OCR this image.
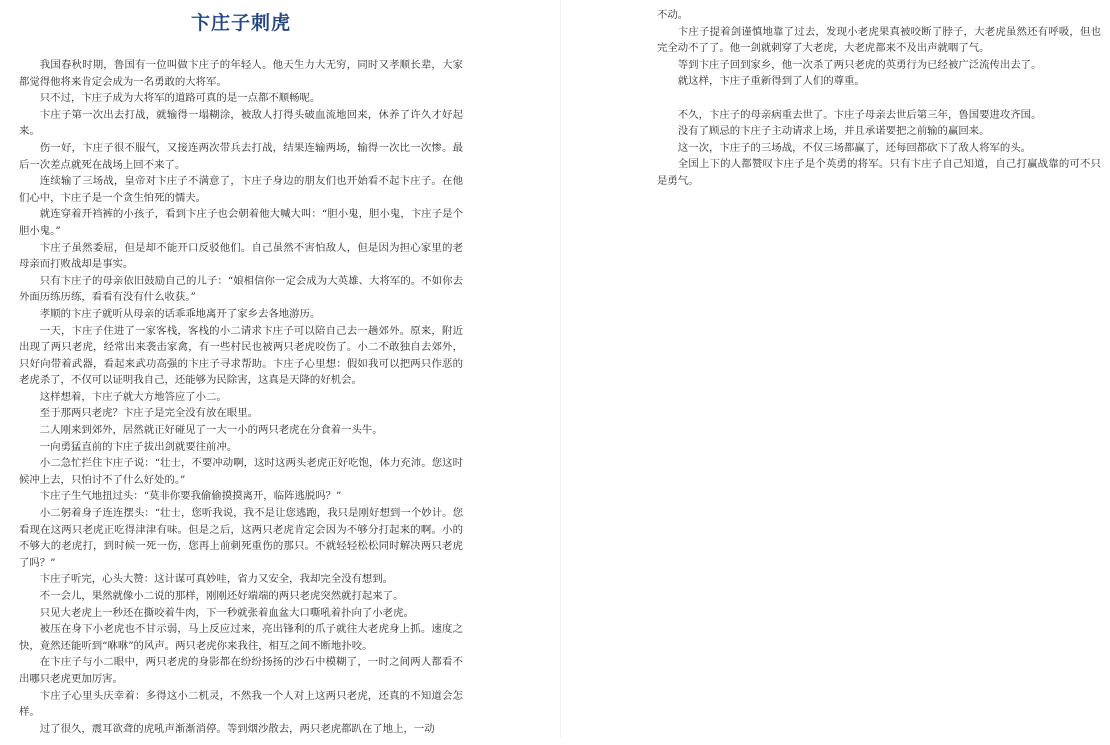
卞庄子刺虎

我国春秋时期，鲁国有一位叫做卞庄子的年轻人。他天生力大无穷，同时又孝顺长辈，大家都觉得他将来肯定会成为一名勇敢的大将军。

只不过，卞庄子成为大将军的道路可真的是一点都不顺畅呢。

卞庄子第一次出去打战，就输得一塌糊涂，被敌人打得头破血流地回来，休养了许久才好起来。

伤一好，卞庄子很不服气，又接连两次带兵去打战，结果连输两场，输得一次比一次惨。最后一次差点就死在战场上回不来了。

连续输了三场战，皇帝对卞庄子不满意了，卞庄子身边的朋友们也开始看不起卞庄子。在他们心中，卞庄子是一个贪生怕死的懦夫。

就连穿着开裆裤的小孩子，看到卞庄子也会朝着他大喊大叫：“胆小鬼，胆小鬼，卞庄子是个胆小鬼。”

卞庄子虽然委屈，但是却不能开口反驳他们。自己虽然不害怕敌人，但是因为担心家里的老母亲而打败战却是事实。

只有卞庄子的母亲依旧鼓励自己的儿子：“娘相信你一定会成为大英雄、大将军的。不如你去外面历练历练，看看有没有什么收获。”

孝顺的卞庄子就听从母亲的话乖乖地离开了家乡去各地游历。

一天，卞庄子住进了一家客栈，客栈的小二请求卞庄子可以陪自己去一趟郊外。原来，附近出现了两只老虎，经常出来袭击家禽，有一些村民也被两只老虎咬伤了。小二不敢独自去郊外，只好向带着武器，看起来武功高强的卞庄子寻求帮助。卞庄子心里想：假如我可以把两只作恶的老虎杀了，不仅可以证明我自己，还能够为民除害，这真是天降的好机会。

这样想着，卞庄子就大方地答应了小二。

至于那两只老虎？卞庄子是完全没有放在眼里。

二人刚来到郊外，居然就正好碰见了一大一小的两只老虎在分食着一头牛。

一向勇猛直前的卞庄子拔出剑就要往前冲。

小二急忙拦住卞庄子说：“壮士，不要冲动啊，这时这两头老虎正好吃饱，体力充沛。您这时候冲上去，只怕讨不了什么好处的。”

卞庄子生气地扭过头：“莫非你要我偷偷摸摸离开，临阵逃脱吗？”

小二躬着身子连连摆头：“壮士，您听我说，我不是让您逃跑，我只是刚好想到一个妙计。您看现在这两只老虎正吃得津津有味。但是之后，这两只老虎肯定会因为不够分打起来的啊。小的不够大的老虎打，到时候一死一伤，您再上前刺死重伤的那只。不就轻轻松松同时解决两只老虎了吗？”

卞庄子听完，心头大赞：这计谋可真妙哇，省力又安全，我却完全没有想到。

不一会儿，果然就像小二说的那样，刚刚还好端端的两只老虎突然就打起来了。

只见大老虎上一秒还在撕咬着牛肉，下一秒就张着血盆大口嘶吼着扑向了小老虎。

被压在身下小老虎也不甘示弱，马上反应过来，亮出锋利的爪子就往大老虎身上抓。速度之快，竟然还能听到“咻咻”的风声。两只老虎你来我往，相互之间不断地扑咬。

在卞庄子与小二眼中，两只老虎的身影都在纷纷扬扬的沙石中模糊了，一时之间两人都看不出哪只老虎更加厉害。

卞庄子心里头庆幸着：多得这小二机灵，不然我一个人对上这两只老虎，还真的不知道会怎样。

过了很久，震耳欲聋的虎吼声渐渐消停。等到烟沙散去，两只老虎都趴在了地上，一动

不动。

卞庄子提着剑谨慎地靠了过去，发现小老虎果真被咬断了脖子，大老虎虽然还有呼吸，但也完全动不了了。他一剑就刺穿了大老虎，大老虎都来不及出声就咽了气。

等到卞庄子回到家乡，他一次杀了两只老虎的英勇行为已经被广泛流传出去了。

就这样，卞庄子重新得到了人们的尊重。

不久，卞庄子的母亲病重去世了。卞庄子母亲去世后第三年，鲁国要进攻齐国。

没有了顾忌的卞庄子主动请求上场，并且承诺要把之前输的赢回来。

这一次，卞庄子的三场战，不仅三场都赢了，还每回都砍下了敌人将军的头。

全国上下的人都赞叹卞庄子是个英勇的将军。只有卞庄子自己知道，自己打赢战靠的可不只是勇气。
